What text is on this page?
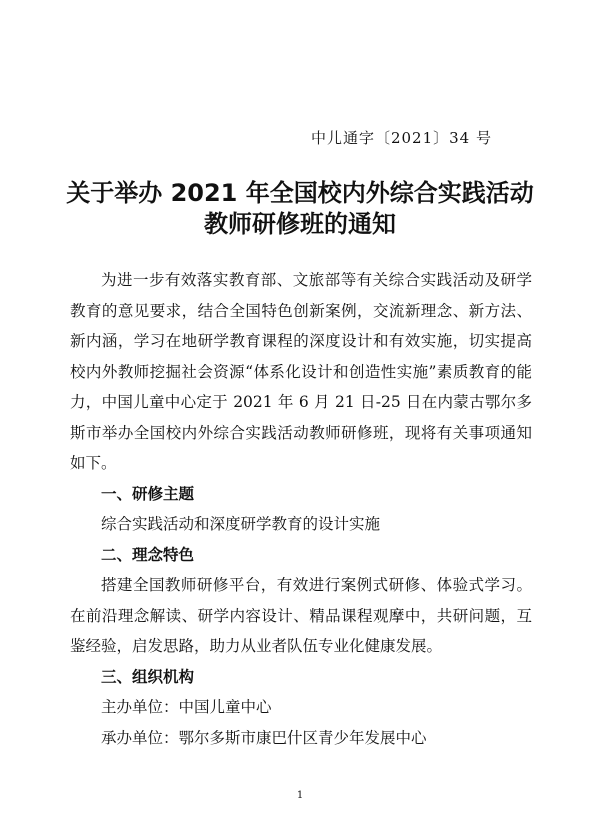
中儿通字〔2021〕34 号
关于举办 2021 年全国校内外综合实践活动
教师研修班的通知

为进一步有效落实教育部、文旅部等有关综合实践活动及研学教育的意见要求，结合全国特色创新案例，交流新理念、新方法、新内涵，学习在地研学教育课程的深度设计和有效实施，切实提高校内外教师挖掘社会资源“体系化设计和创造性实施”素质教育的能力，中国儿童中心定于 2021 年 6 月 21 日-25 日在内蒙古鄂尔多斯市举办全国校内外综合实践活动教师研修班，现将有关事项通知如下。

一、研修主题

综合实践活动和深度研学教育的设计实施

二、理念特色

搭建全国教师研修平台，有效进行案例式研修、体验式学习。在前沿理念解读、研学内容设计、精品课程观摩中，共研问题，互鉴经验，启发思路，助力从业者队伍专业化健康发展。

三、组织机构

主办单位：中国儿童中心

承办单位：鄂尔多斯市康巴什区青少年发展中心

1
